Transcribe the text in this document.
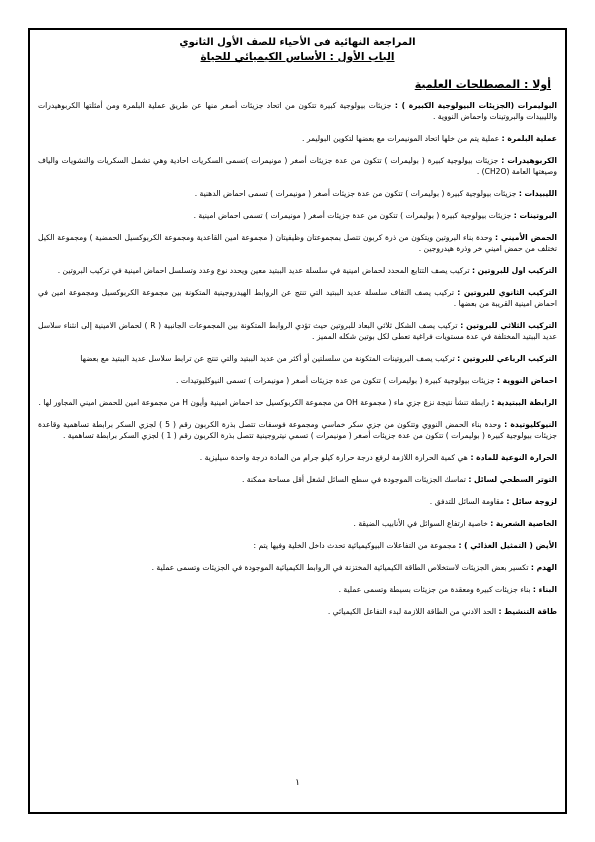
المراجعة النهائية فى الأحياء للصف الأول الثانوي
الباب الأول : الأساس الكيميائي للحياة
أولا : المصطلحات العلمية
البوليمرات (الجزيئات البيولوجية الكبيرة ) : جزيئات بيولوجية كبيرة تتكون من اتحاد جزيئات أصغر منها عن طريق عملية البلمرة ومن أمثلتها الكربوهيدرات والليبيدات والبروتينات واحماض النووية .
عملية البلمرة : عملية يتم من خلها اتحاد المونيمرات مع بعضها لتكوين البوليمر .
الكربوهيدرات : جزيئات بيولوجية كبيرة ( بوليمرات ) تتكون من عدة جزيئات أصغر ( مونيمرات )تسمى السكريات احادية وهي تشمل السكريات والنشويات والياف وصيغتها العامة (CH2O) .
الليبيدات : جزيئات بيولوجية كبيرة ( بوليمرات ) تتكون من عدة جزيئات أصغر ( مونيمرات ) تسمى احماض الدهنية .
البروتينات : جزيئات بيولوجية كبيرة ( بوليمرات ) تتكون من عدة جزيئات أصغر ( مونيمرات ) تسمى احماض امينية .
الحمض الأميني : وحدة بناء البروتين ويتكون من ذرة كربون تتصل بمجموعتان وظيفيتان ( مجموعة امين القاعدية ومجموعة الكربوكسيل الحمضية ) ومجموعة الكيل تختلف من حمض اميني خر وذرة هيدروجين .
التركيب اول للبروتين : تركيب يصف التتابع المحدد لحماض امينية في سلسلة عديد الببتيد معين ويحدد نوع وعدد وتسلسل احماض امينية في تركيب البروتين .
التركيب الثانوي للبروتين : تركيب يصف التفاف سلسلة عديد الببتيد التي تنتج عن الروابط الهيدروجينية المتكونة بين مجموعة الكربوكسيل ومجموعة امين في احماض امينية القريبة من بعضها .
التركيب الثلاثي للبروتين : تركيب يصف الشكل ثلاثي البعاد للبروتين حيث تؤدي الروابط المتكونة بين المجموعات الجانبية ( R ) لحماض الامينية إلى انثناء سلاسل عديد الببتيد المختلفة في عدة مستويات فراغية تعطى لكل بوتين شكله المميز .
التركيب الرباعي للبروتين : تركيب يصف البروتينات المتكونة من سلسلتين أو أكثر من عديد الببتيد والتي تنتج عن ترابط سلاسل عديد الببتيد مع بعضها
احماض النووية : جزيئات بيولوجية كبيرة ( بوليمرات ) تتكون من عدة جزيئات أصغر ( مونيمرات ) تسمى النيوكليوتيدات .
الرابطة الببتيدية : رابطة تنشأ نتيجة نزع جزي ماء ( مجموعة OH من مجموعة الكربوكسيل حد احماض امينية وأيون H من مجموعة امين للحمض اميني المجاور لها .
النيوكليوتيدة : وحدة بناء الحمض النووي وتتكون من جزي سكر خماسي ومجموعة فوسفات تتصل بذرة الكربون رقم ( 5 ) لجزي السكر برابطة تساهمية وقاعدة جزيئات بيولوجية كبيرة ( بوليمرات ) تتكون من عدة جزيئات أصغر ( مونيمرات ) تسمي نيتروجينية تتصل بذرة الكربون رقم ( 1 ) لجزي السكر برابطة تساهمية .
الحرارة النوعية للمادة : هي كمية الحرارة اللازمة لرفع درجة حرارة كيلو جرام من المادة درجة واحدة سيليزية .
التوتر السطحي لسائل : تماسك الجزيئات الموجودة في سطح السائل لشغل أقل مساحة ممكنة .
لزوجة سائل : مقاومة السائل للتدفق .
الخاصية الشعرية : خاصية ارتفاع السوائل في الأنابيب الضيقة .
الأيض ( التمثيل الغذائي ) : مجموعة من التفاعلات البيوكيميائية تحدث داخل الخلية وفيها يتم :
الهدم : تكسير بعض الجزيئات لاستخلاص الطاقة الكيميائية المختزنة في الروابط الكيميائية الموجودة في الجزيئات وتسمى عملية .
البناء : بناء جزيئات كبيرة ومعقدة من جزيئات بسيطة وتسمى عملية .
طاقة التنشيط : الحد الادني من الطاقة اللازمة لبدء التفاعل الكيميائي .
١
